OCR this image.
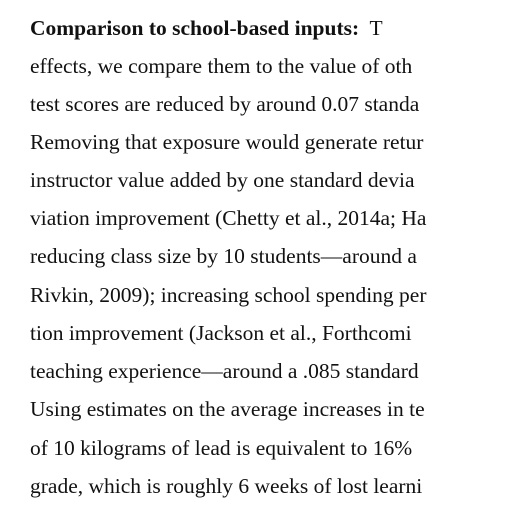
Comparison to school-based inputs:  T
effects, we compare them to the value of oth
test scores are reduced by around 0.07 standa
Removing that exposure would generate retur
instructor value added by one standard devia
viation improvement (Chetty et al., 2014a; Ha
reducing class size by 10 students—around a
Rivkin, 2009); increasing school spending per
tion improvement (Jackson et al., Forthcomi
teaching experience—around a .085 standard
Using estimates on the average increases in te
of 10 kilograms of lead is equivalent to 16%
grade, which is roughly 6 weeks of lost learni
